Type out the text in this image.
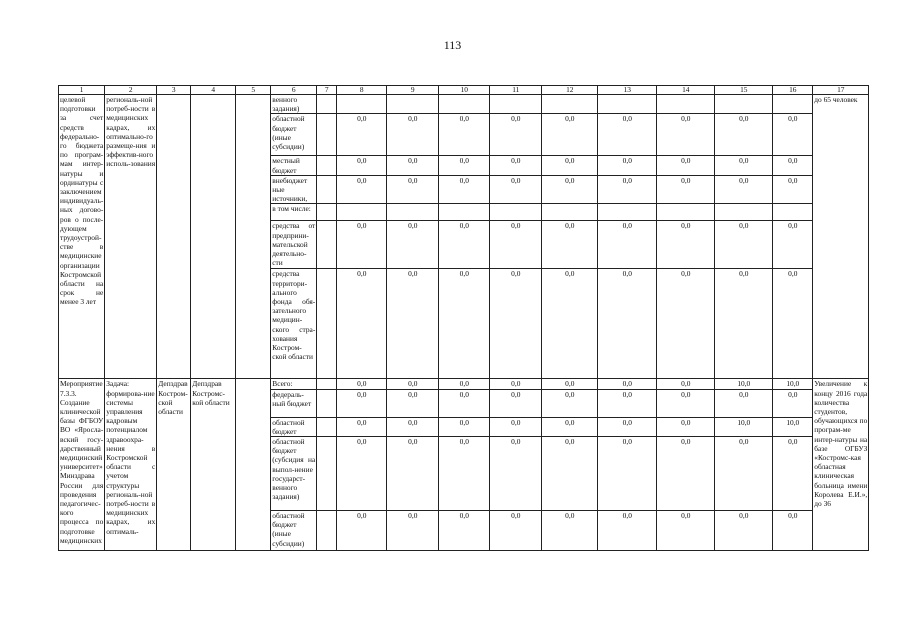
113
1	2	3	4	5	6	7	8	9	10	11	12	13	14	15	16	17
целевой подготовки за счет средств федерально-го бюджета по програм-мам интер-натуры и ординатуры с заключением индивидуаль-ных догово-ров о после-дующем трудоустрой-стве в медицинские организации Костромской области на срок не менее 3 лет	региональ-ной потреб-ности в медицинских кадрах, их оптимально-го размеще-ния и эффектив-ного исполь-зования				венного задания)											до 65 человек
					областной бюджет (иные субсидии)		0,0	0,0	0,0	0,0	0,0	0,0	0,0	0,0	0,0	
					местный бюджет		0,0	0,0	0,0	0,0	0,0	0,0	0,0	0,0	0,0	
					внебюджет ные источники,		0,0	0,0	0,0	0,0	0,0	0,0	0,0	0,0	0,0	
					в том числе:											
					средства от предприни-мательской деятельно-сти		0,0	0,0	0,0	0,0	0,0	0,0	0,0	0,0	0,0	
					средства территори-ального фонда обя-зательного медицин-ского стра-хования Костром-ской области		0,0	0,0	0,0	0,0	0,0	0,0	0,0	0,0	0,0	
Мероприятие 7.3.3. Создание клинической базы ФГБОУ ВО «Яросла-вский госу-дарственный медицинский университет» Минздрава России для проведения педагогичес-кого процесса по подготовке медицинских	Задача: формирова-ние системы управления кадровым потенциалом здравоохра-нения в Костромской области с учетом структуры региональ-ной потреб-ности в медицинских кадрах, их оптималь-	Депздрав Костром-ской области	Депздрав Костромс-кой области		Всего:		0,0	0,0	0,0	0,0	0,0	0,0	0,0	10,0	10,0	Увеличение к концу 2016 года количества студентов, обучающихся по програм-ме интер-натуры на базе ОГБУЗ «Костромс-кая областная клиническая больница имени Королева Е.И.», до 36
					федераль-ный бюджет		0,0	0,0	0,0	0,0	0,0	0,0	0,0	0,0	0,0	
					областной бюджет		0,0	0,0	0,0	0,0	0,0	0,0	0,0	10,0	10,0	
					областной бюджет (субсидия на выпол-нение государст-венного задания)		0,0	0,0	0,0	0,0	0,0	0,0	0,0	0,0	0,0	
					областной бюджет (иные субсидии)		0,0	0,0	0,0	0,0	0,0	0,0	0,0	0,0	0,0	
